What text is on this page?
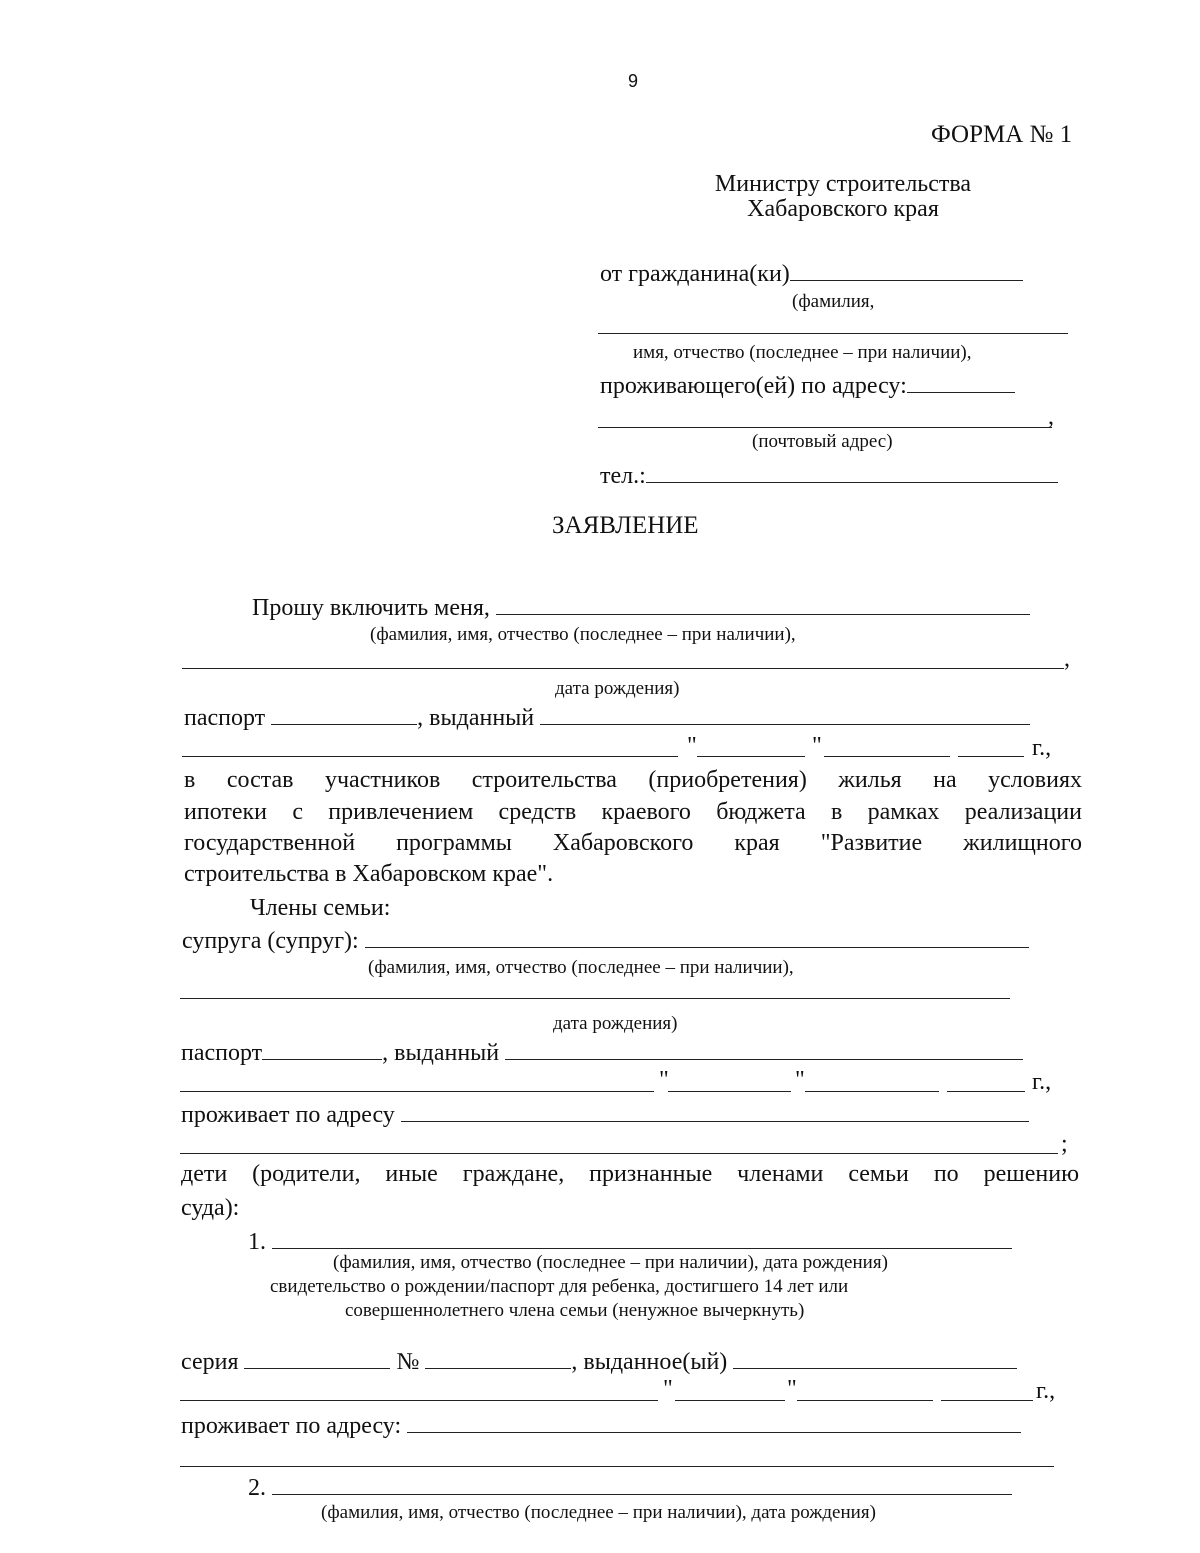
9
ФОРМА № 1
Министру строительства
Хабаровского края
от гражданина(ки)
(фамилия,
имя, отчество (последнее – при наличии),
проживающего(ей) по адресу:
,
(почтовый адрес)
тел.:
ЗАЯВЛЕНИЕ
Прошу включить меня,
(фамилия, имя, отчество (последнее – при наличии),
,
дата рождения)
паспорт	, выданный
"	"	г.,
в состав участников строительства (приобретения) жилья на условиях
ипотеки с привлечением средств краевого бюджета в рамках реализации
государственной программы Хабаровского края "Развитие жилищного
строительства в Хабаровском крае".
Члены семьи:
супруга (супруг):
(фамилия, имя, отчество (последнее – при наличии),
дата рождения)
паспорт	, выданный
"	"	г.,
проживает по адресу
;
дети (родители, иные граждане, признанные членами семьи по решению
суда):
1.
(фамилия, имя, отчество (последнее – при наличии), дата рождения)
свидетельство о рождении/паспорт для ребенка, достигшего 14 лет или
совершеннолетнего члена семьи (ненужное вычеркнуть)
серия	№	, выданное(ый)
"	"	г.,
проживает по адресу:
2.
(фамилия, имя, отчество (последнее – при наличии), дата рождения)
